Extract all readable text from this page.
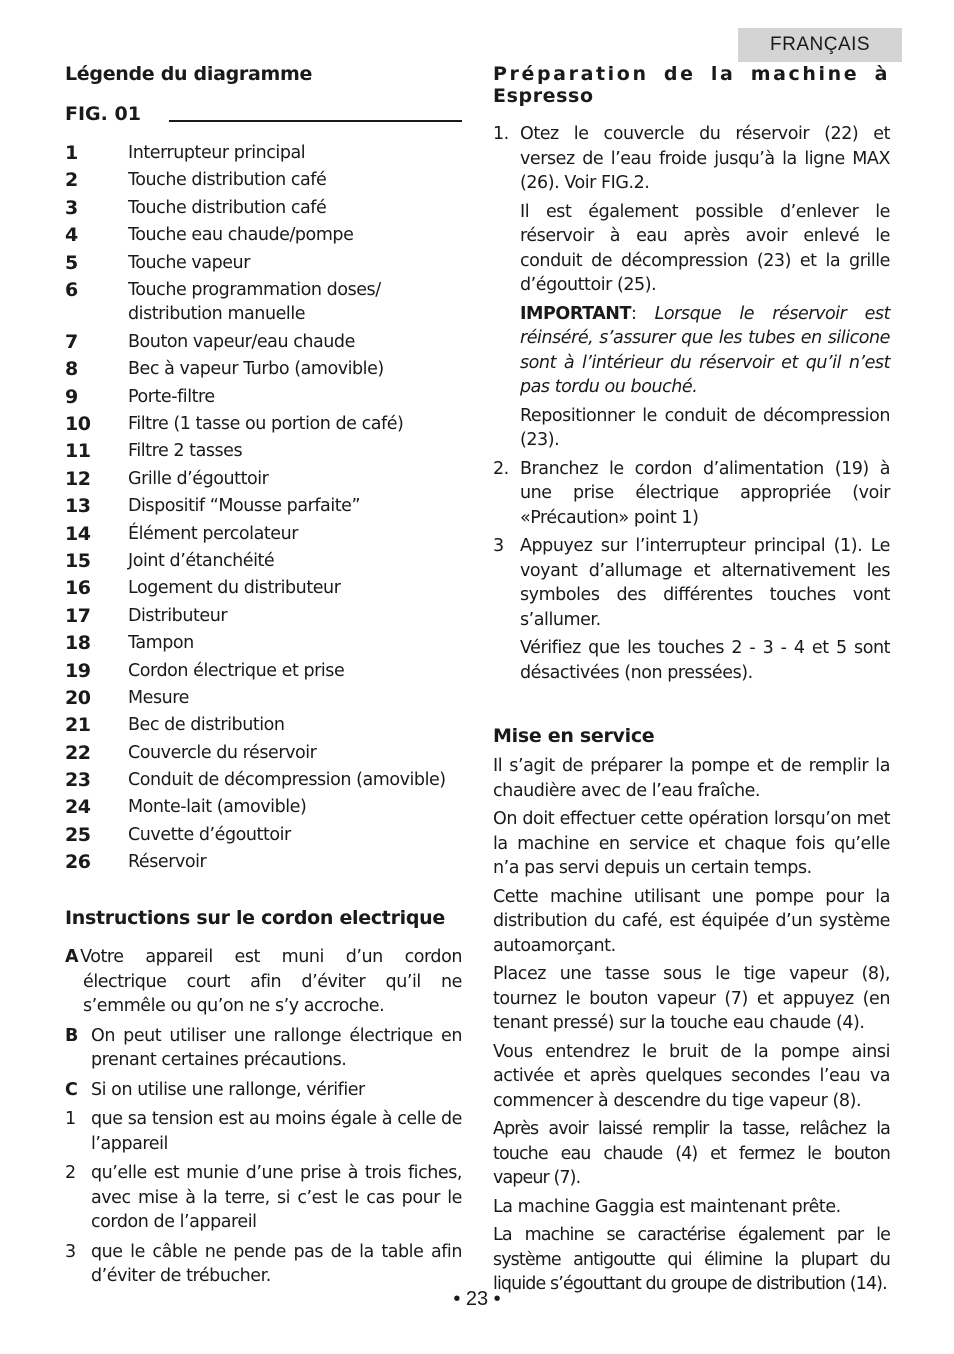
FRANÇAIS
Légende du diagramme
FIG. 01
1	Interrupteur principal
2	Touche distribution café
3	Touche distribution café
4	Touche eau chaude/pompe
5	Touche vapeur
6	Touche programmation doses/ distribution manuelle
7	Bouton vapeur/eau chaude
8	Bec à vapeur Turbo (amovible)
9	Porte-filtre
10	Filtre (1 tasse ou portion de café)
11	Filtre 2 tasses
12	Grille d’égouttoir
13	Dispositif “Mousse parfaite”
14	Élément percolateur
15	Joint d’étanchéité
16	Logement du distributeur
17	Distributeur
18	Tampon
19	Cordon électrique et prise
20	Mesure
21	Bec de distribution
22	Couvercle du réservoir
23	Conduit de décompression (amovible)
24	Monte-lait (amovible)
25	Cuvette d’égouttoir
26	Réservoir
Instructions sur le cordon electrique
A Votre appareil est muni d’un cordon électrique court afin d’éviter qu’il ne s’emmêle ou qu’on ne s’y accroche.
B On peut utiliser une rallonge électrique en prenant certaines précautions.
C Si on utilise une rallonge, vérifier
1 que sa tension est au moins égale à celle de l’appareil
2 qu’elle est munie d’une prise à trois fiches, avec mise à la terre, si c’est le cas pour le cordon de l’appareil
3 que le câble ne pende pas de la table afin d’éviter de trébucher.
Préparation de la machine à
Espresso
1. Otez le couvercle du réservoir (22) et versez de l’eau froide jusqu’à la ligne MAX (26). Voir FIG.2.

Il est également possible d’enlever le réservoir à eau après avoir enlevé le conduit de décompression (23) et la grille d’égouttoir (25).

IMPORTANT: Lorsque le réservoir est réinséré, s’assurer que les tubes en silicone sont à l’intérieur du réservoir et qu’il n’est pas tordu ou bouché.

Repositionner le conduit de décompression (23).

2. Branchez le cordon d’alimentation (19) à une prise électrique appropriée (voir «Précaution» point 1)

3 Appuyez sur l’interrupteur principal (1). Le voyant d’allumage et alternativement les symboles des différentes touches vont s’allumer.

Vérifiez que les touches 2 - 3 - 4 et 5 sont désactivées (non pressées).

Mise en service

Il s’agit de préparer la pompe et de remplir la chaudière avec de l’eau fraîche.

On doit effectuer cette opération lorsqu’on met la machine en service et chaque fois qu’elle n’a pas servi depuis un certain temps.

Cette machine utilisant une pompe pour la distribution du café, est équipée d’un système autoamorçant.

Placez une tasse sous le tige vapeur (8), tournez le bouton vapeur (7) et appuyez (en tenant pressé) sur la touche eau chaude (4).

Vous entendrez le bruit de la pompe ainsi activée et après quelques secondes l’eau va commencer à descendre du tige vapeur (8).

Après avoir laissé remplir la tasse, relâchez la touche eau chaude (4) et fermez le bouton vapeur (7).

La machine Gaggia est maintenant prête.

La machine se caractérise également par le système antigoutte qui élimine la plupart du liquide s’égouttant du groupe de distribution (14).

• 23 •
